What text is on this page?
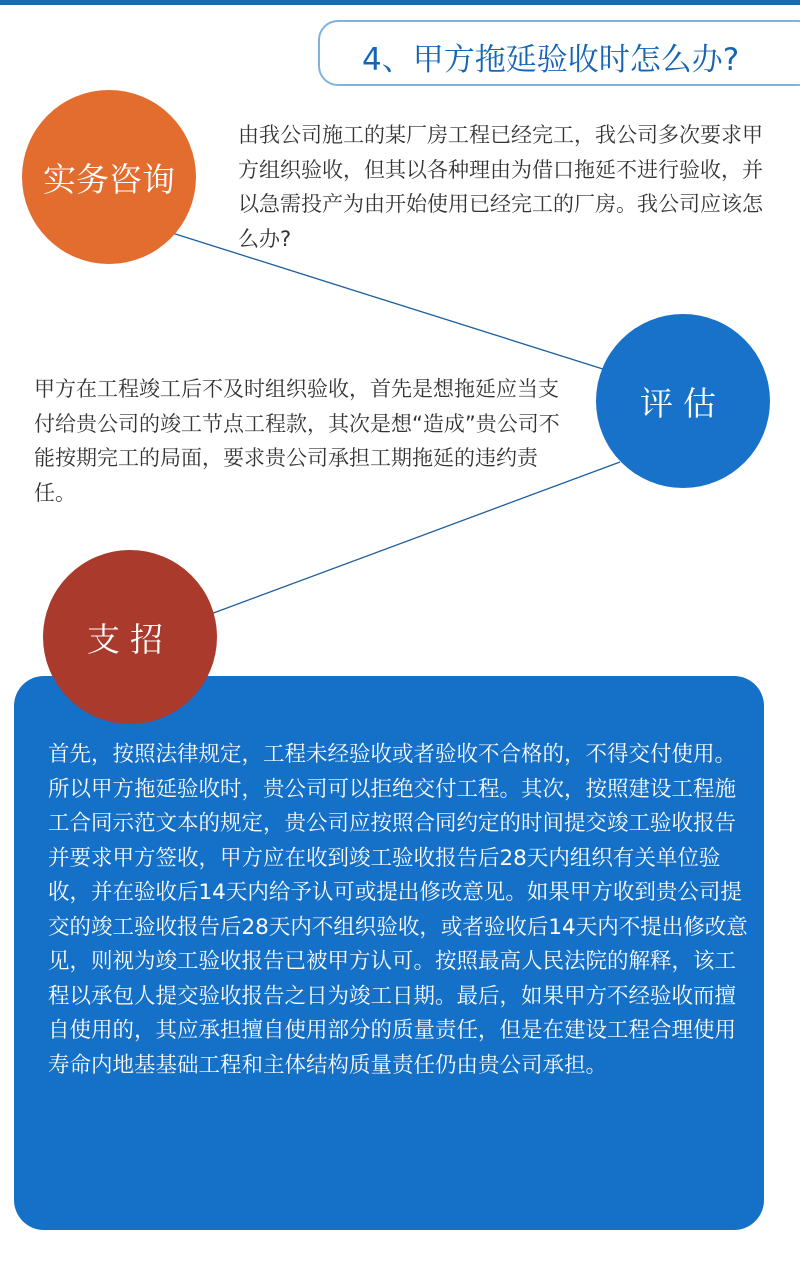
4、甲方拖延验收时怎么办?
实务咨询
由我公司施工的某厂房工程已经完工，我公司多次要求甲方组织验收，但其以各种理由为借口拖延不进行验收，并以急需投产为由开始使用已经完工的厂房。我公司应该怎么办?
评估
甲方在工程竣工后不及时组织验收，首先是想拖延应当支付给贵公司的竣工节点工程款，其次是想“造成”贵公司不能按期完工的局面，要求贵公司承担工期拖延的违约责任。
支招
首先，按照法律规定，工程未经验收或者验收不合格的，不得交付使用。所以甲方拖延验收时，贵公司可以拒绝交付工程。其次，按照建设工程施工合同示范文本的规定，贵公司应按照合同约定的时间提交竣工验收报告并要求甲方签收，甲方应在收到竣工验收报告后28天内组织有关单位验收，并在验收后14天内给予认可或提出修改意见。如果甲方收到贵公司提交的竣工验收报告后28天内不组织验收，或者验收后14天内不提出修改意见，则视为竣工验收报告已被甲方认可。按照最高人民法院的解释，该工程以承包人提交验收报告之日为竣工日期。最后，如果甲方不经验收而擅自使用的，其应承担擅自使用部分的质量责任，但是在建设工程合理使用寿命内地基基础工程和主体结构质量责任仍由贵公司承担。
